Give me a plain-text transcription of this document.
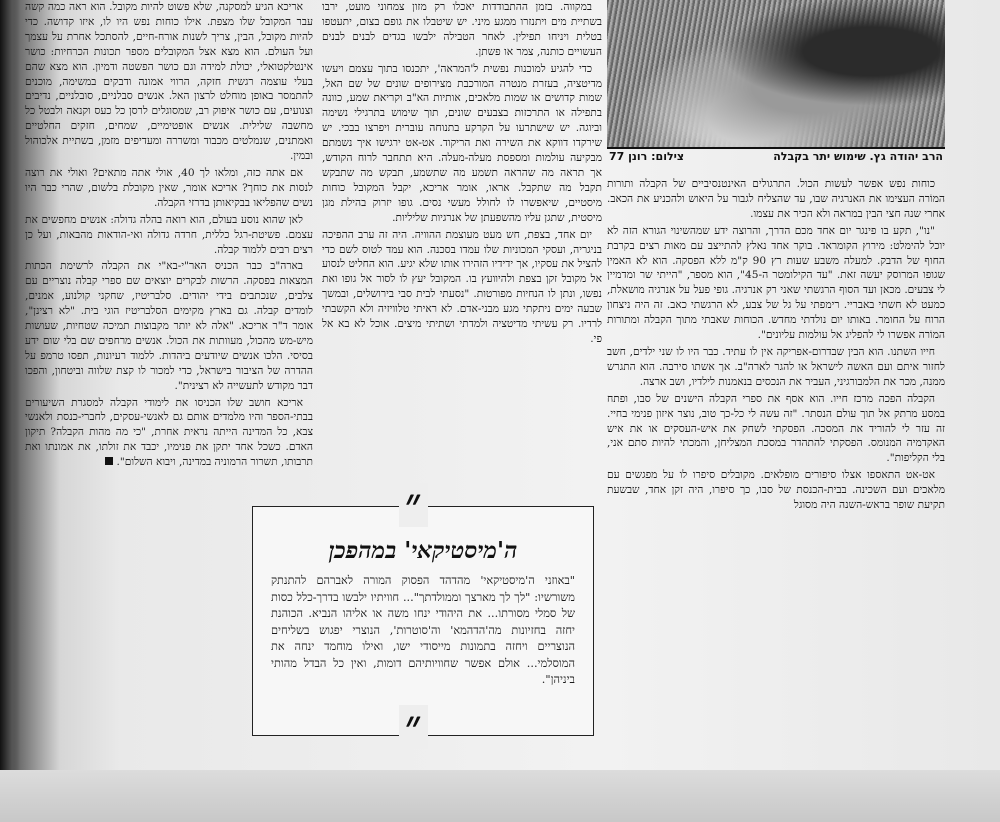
צילום: רונן 77	הרב יהודה גץ. שימוש יתר בקבלה

כוחות נפש אפשר לעשות הכול. התרגולים האינטנסיביים של הקבלה ותורות המוֹרה העצימו את האנרגיה שבו, עד שהצליח לגבור על היאוש ולהכניע את הכאב. אחרי שנה חצי הבין במראה ולא הכיר את עצמו.

"נו", תקע בו פינגר יום אחד מכם הדרך, והרוצה ידע שמהשינוי הגורא הזה לא יוכל להימלט: מירוץ הקומראד. בוקר אחד נאלץ להתייצב עם מאות רצים בקרבת החוף של הדבק. למעלה משבע שעות רץ 90 ק"מ ללא הפסקה. הוא לא האמין שגופו המרוסק יעשה זאת. "עד הקילומטר ה-45", הוא מספר, "הייתי שר ומדמיין לי צבעים. מכאן ועד הסוף הרגשתי שאני רק אנרגיה. גופי פעל על אנרגיה מושאלת, כמעט לא חשתי באבריי. רימפתי על גל של צבע, לא הרגשתי כאב. זה היה ניצחון הרוח על החומר. באותו יום נולדתי מחדש. הכוחות שאבתי מתוך הקבלה ומתורות המוֹרה אפשרו לי להפליג אל עולמות עליונים".

חייו השתנו. הוא הבין שבדרום-אפריקה אין לו עתיד. כבר היו לו שני ילדים, חשב לחזור איתם ועם האשה לישראל או להגר לארה"ב. אך אשתו סירבה. הוא התגרש ממנה, מכר את הלמבורגיני, העביר את הנכסים בנאמנות לילדיו, ושב ארצה.

הקבלה הפכה מרכז חייו. הוא אסף את ספרי הקבלה הישנים של סבו, ופתח במסע מרתק אל תוך עולם הנסתר. "זה עשה לי כל-כך טוב, נוצר איזון פנימי בחיי. זה עזר לי להוריד את המסכה. הפסקתי לשחק את איש-העסקים או את איש האקדמיה המנומס. הפסקתי להתהדר במסכת המצליחן, והמכתי להיות סתם אני, בלי הקליפות".

אט-אט התאספו אצלו סיפורים מופלאים. מקובלים סיפרו לו על מפגשים עם מלאכים ועם השכינה. בבית-הכנסת של סבו, כך סיפרו, היה זקן אחד, שבשעת תקיעת שופר בראש-השנה היה מסוגל

במקווה. בזמן ההתבודדות יאכלו רק מזון צמחוני מועט, ירבו בשתיית מים ויתנזרו ממגע מיני. יש שיטבלו את גופם בצום, יתעטפו בטלית ויניחו תפילין. לאחר הטבילה ילבשו בגדים לבנים לבנים העשויים כותנה, צמר או פשתן.

כדי להגיע למוכנות נפשית ל'המראה', יתכנסו בתוך עצמם ויעשו מדיטציה, בעזרת מנטרה המורכבת מצירופים שונים של שם האל, שמות קדושים או שמות מלאכים, אותיות הא"ב וקריאת שמע, כוונה בתפילה או התרכזות בצבעים שונים, תוך שימוש בתרגילי נשימה וביוגה. יש שישתרעו על הקרקע בתנוחה עוברית ויפרצו בבכי. יש שירקדו דווקא את השירה ואת הריקוד. אט-אט ירגישו איך נשמתם מבקיעה עולמות ומספסת מעלה-מעלה. היא תתחבר לרוח הקודש, אך תראה מה שהראה תשמע מה שתשמע, תבקש מה שתבקש תקבל מה שתקבל. אראו, אומר אריכא, יקבל המקובל כוחות מיסטיים, שיאפשרו לו לחולל מעשי נסים. גופו יזרוק בהילת מגן מיסטית, שתגן עליו מהשפעתן של אנרגיות שליליות.

יום אחד, בצפת, חש מעט מעוצמת ההוויה. היה זה ערב ההפיכה בניגריה, ועסקי המכוניות שלו עמדו בסכנה. הוא עמד לטוס לשם כדי להציל את עסקיו, אך ידידיו הזהירו אותו שלא יגיע. הוא החליט לנסוע אל מקובל זקן בצפת ולהיוועץ בו. המקובל יעץ לו לסור אל גופו ואת נפשו, ונתן לו הנחיות מפורטות. "נסעתי לבית סבי בירושלים, ובמשך שבעה ימים ניתקתי מגע מבני-אדם. לא ראיתי טלוויזיה ולא הקשבתי לרדיו. רק עשיתי מדיטציה ולמדתי ושתיתי מיצים. אוכל לא בא אל פי.

אריכא הגיע למסקנה, שלא פשוט להיות מקובל. הוא ראה כמה קשה עבר המקובל שלו מצפת. אילו כוחות נפש היו לו, איזו קדושה. כדי להיות מקובל, הבין, צריך לשנות אורח-חיים, להסתכל אחרת על עצמך ועל העולם. הוא מצא אצל המקובלים מספר תכונות הכרחיות: כושר אינטלקטואלי, יכולת למידה וגם כושר הפשטה ודמיון. הוא מצא שהם בעלי עוצמה רגשית חזקה, הרווי אמונה ודבקים במשימה, מוכנים להתמסר באופן מוחלט לרצון האל. אנשים סבלניים, סובלניים, נדיבים וצנועים, עם כושר איפוק רב, שמסוגלים לרסן כל כעס וקנאה ולבטל כל מחשבה שלילית. אנשים אופטימיים, שמחים, חזקים החלטיים ואמתנים, שנמלטים מכבוד ומשררה ומעדיפים מזמן, בשתיית אלכוהול ובמין.

אם אתה כזה, ומלאו לך 40, אולי אתה מתאים? ואולי את רוצה לנסות את כוחך? אריכא אומר, שאין מקובלת בלשום, שהרי כבר היו נשים שהפליאו בבקיאותן בדרזי הקבלה.

לאן שהוא נוסע בעולם, הוא רואה בהלה גדולה: אנשים מחפשים את עצמם. פשיטת-רגל כללית, חרדה גדולה ואי-הודאות מהבאות, ועל כן רצים רבים ללמוד קבלה.

בארה"ב כבר הכניס האר"י-בא"י את הקבלה לרשימת הכתות המצאות בפסקה. הרשות לבקרים יוצאים שם ספרי קבלה נוצריים עם צלבים, שנכתבים בידי יהודים. סלבריטיז, שחקני קולנוע, אמנים, לומדים קבלה. גם בארץ מקימים הסלבריטיז הוגי בית. "לא רצינן", אומר ד"ר אריכא. "אלה לא יותר מקבוצות תמיכה שטחיות, שעושות מיש-מש מהכול, מעוותות את הכול. אנשים מרחפים שם בלי שום ידע בסיסי. הלכו אנשים שיודעים ביהדות. ללמוד רעיונות, תפסו טרמפ על ההדרה של הציבור בישראל, כדי למכור לו קצת שלווה וביטחון, והפכו דבר מקודש לתעשייה לא רצינית".

אריכא חושב שלו הכניסו את לימודי הקבלה למסגרת השיעורים בבתי-הספר והיו מלמדים אותם גם לאנשי-עסקים, לחברי-כנסת ולאנשי צבא, כל המדינה הייתה נראית אחרת, "כי מה מהות הקבלה? תיקון האדם. כשכל אחד יתקן את פנימיו, יכבד את זולתו, את אמונתו ואת תרבותו, תשרור הרמוניה במדינה, ויבוא השלום".

״
ה'מיסטיקאי' במהפכן
"באוזני ה'מיסטיקאי' מהדהד הפסוק המורה לאברהם להתנתק משורשיו: "לך לך מארצך וממולדתך"... חוויתיו ילבשו בדרך-כלל כסות של סמלי מסורתו... את היהודי ינחו משה או אליהו הנביא. הכוהנת יחזה בחזיונות מה'הדהמא' וה'סוטרות', הנוצרי יפגוש בשליחים הנוצריים ויחזה בתמונות מייסודי ישו, ואילו מוחמד ינחה את המוסלמי... אולם אפשר שחוויותיהם דומות, ואין כל הבדל מהותי ביניהן".
״
